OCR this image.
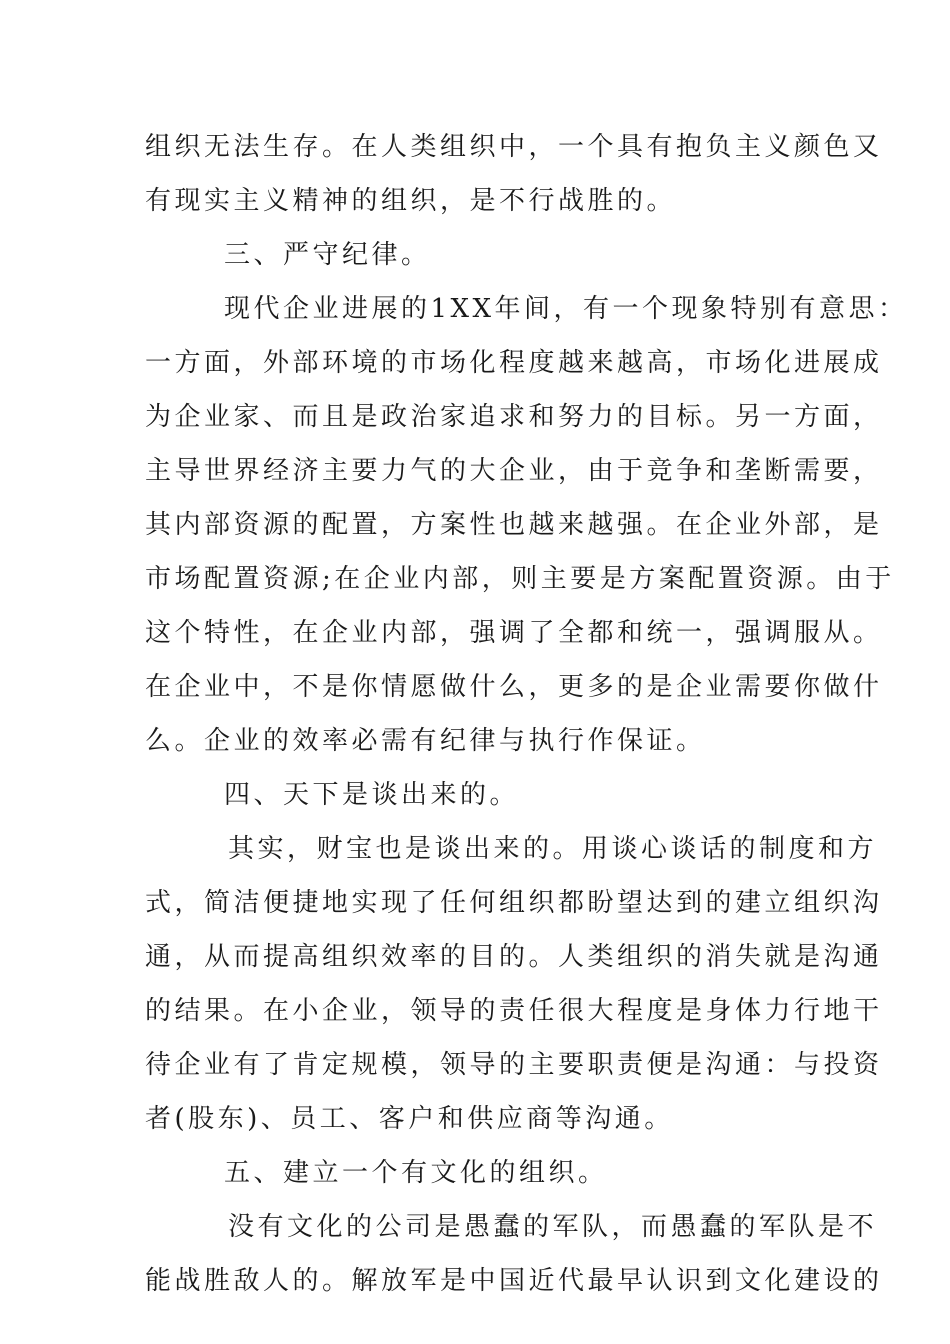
组织无法生存。在人类组织中，一个具有抱负主义颜色又
有现实主义精神的组织，是不行战胜的。
三、严守纪律。
现代企业进展的1XX年间，有一个现象特别有意思：
一方面，外部环境的市场化程度越来越高，市场化进展成
为企业家、而且是政治家追求和努力的目标。另一方面，
主导世界经济主要力气的大企业，由于竞争和垄断需要，
其内部资源的配置，方案性也越来越强。在企业外部，是
市场配置资源;在企业内部，则主要是方案配置资源。由于
这个特性，在企业内部，强调了全都和统一，强调服从。
在企业中，不是你情愿做什么，更多的是企业需要你做什
么。企业的效率必需有纪律与执行作保证。
四、天下是谈出来的。
其实，财宝也是谈出来的。用谈心谈话的制度和方
式，简洁便捷地实现了任何组织都盼望达到的建立组织沟
通，从而提高组织效率的目的。人类组织的消失就是沟通
的结果。在小企业，领导的责任很大程度是身体力行地干
待企业有了肯定规模，领导的主要职责便是沟通：与投资
者(股东)、员工、客户和供应商等沟通。
五、建立一个有文化的组织。
没有文化的公司是愚蠢的军队，而愚蠢的军队是不
能战胜敌人的。解放军是中国近代最早认识到文化建设的
